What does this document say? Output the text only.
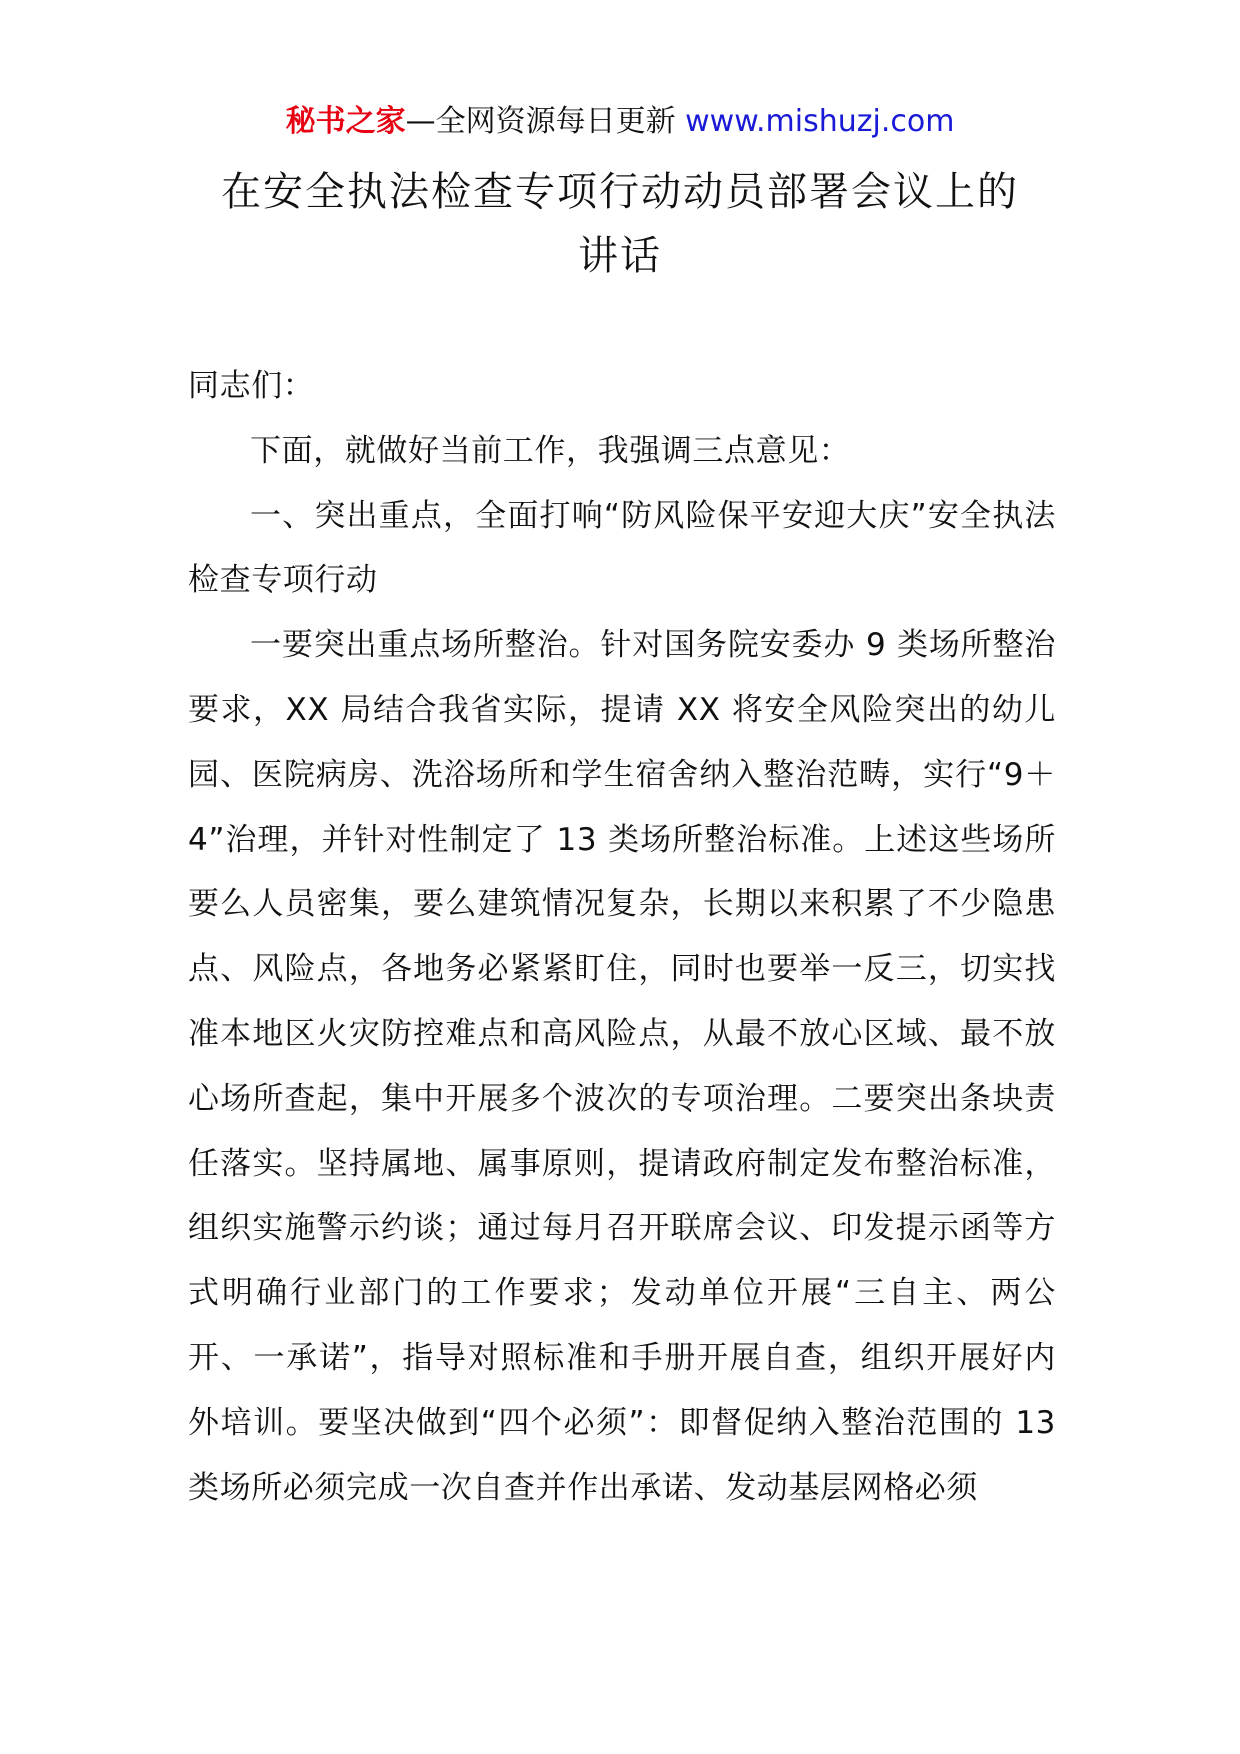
秘书之家—全网资源每日更新 www.mishuzj.com
在安全执法检查专项行动动员部署会议上的
讲话

同志们：

下面，就做好当前工作，我强调三点意见：

一、突出重点，全面打响“防风险保平安迎大庆”安全执法检查专项行动

一要突出重点场所整治。针对国务院安委办 9 类场所整治要求，XX 局结合我省实际，提请 XX 将安全风险突出的幼儿园、医院病房、洗浴场所和学生宿舍纳入整治范畴，实行“9＋4”治理，并针对性制定了 13 类场所整治标准。上述这些场所要么人员密集，要么建筑情况复杂，长期以来积累了不少隐患点、风险点，各地务必紧紧盯住，同时也要举一反三，切实找准本地区火灾防控难点和高风险点，从最不放心区域、最不放心场所查起，集中开展多个波次的专项治理。二要突出条块责任落实。坚持属地、属事原则，提请政府制定发布整治标准，组织实施警示约谈；通过每月召开联席会议、印发提示函等方式明确行业部门的工作要求；发动单位开展“三自主、两公开、一承诺”，指导对照标准和手册开展自查，组织开展好内外培训。要坚决做到“四个必须”：即督促纳入整治范围的 13 类场所必须完成一次自查并作出承诺、发动基层网格必须
